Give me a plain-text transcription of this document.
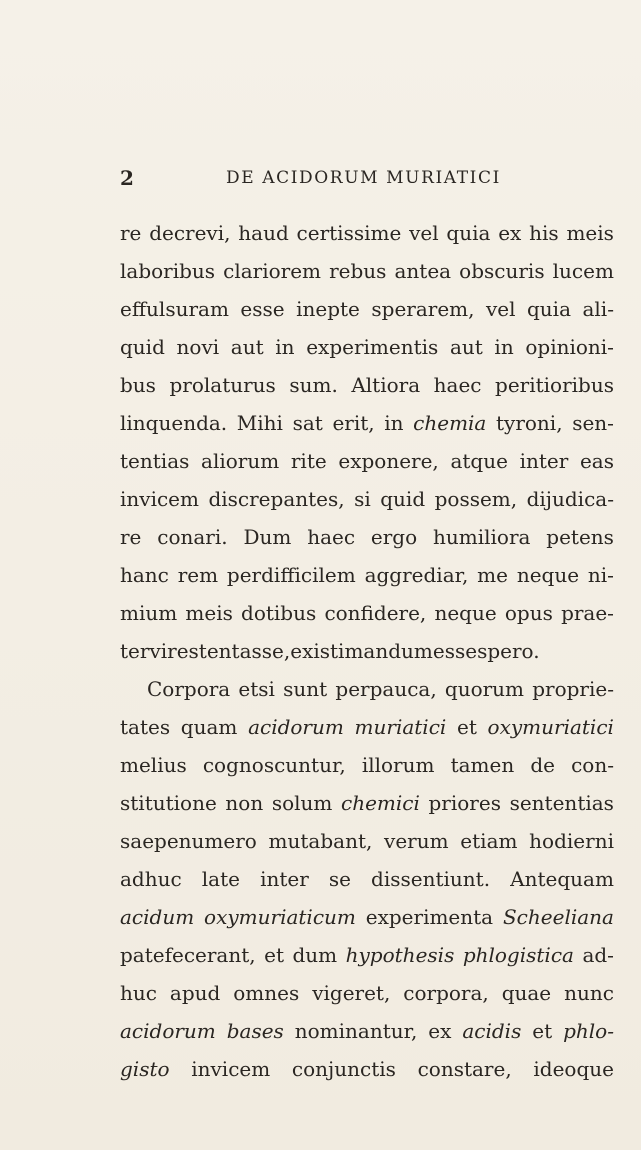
2	DE ACIDORUM MURIATICI
re decrevi, haud certissime vel quia ex his meis
laboribus clariorem rebus antea obscuris lucem
effulsuram esse inepte sperarem, vel quia ali-
quid novi aut in experimentis aut in opinioni-
bus prolaturus sum. Altiora haec peritioribus
linquenda. Mihi sat erit, in chemia tyroni, sen-
tentias aliorum rite exponere, atque inter eas
invicem discrepantes, si quid possem, dijudica-
re conari. Dum haec ergo humiliora petens
hanc rem perdifficilem aggrediar, me neque ni-
mium meis dotibus confidere, neque opus prae-
ter vires tentasse, existimandum esse spero.
Corpora etsi sunt perpauca, quorum proprie-
tates quam acidorum muriatici et oxymuriatici
melius cognoscuntur, illorum tamen de con-
stitutione non solum chemici priores sententias
saepenumero mutabant, verum etiam hodierni
adhuc late inter se dissentiunt. Antequam
acidum oxymuriaticum experimenta Scheeliana
patefecerant, et dum hypothesis phlogistica ad-
huc apud omnes vigeret, corpora, quae nunc
acidorum bases nominantur, ex acidis et phlo-
gisto invicem conjunctis constare, ideoque
